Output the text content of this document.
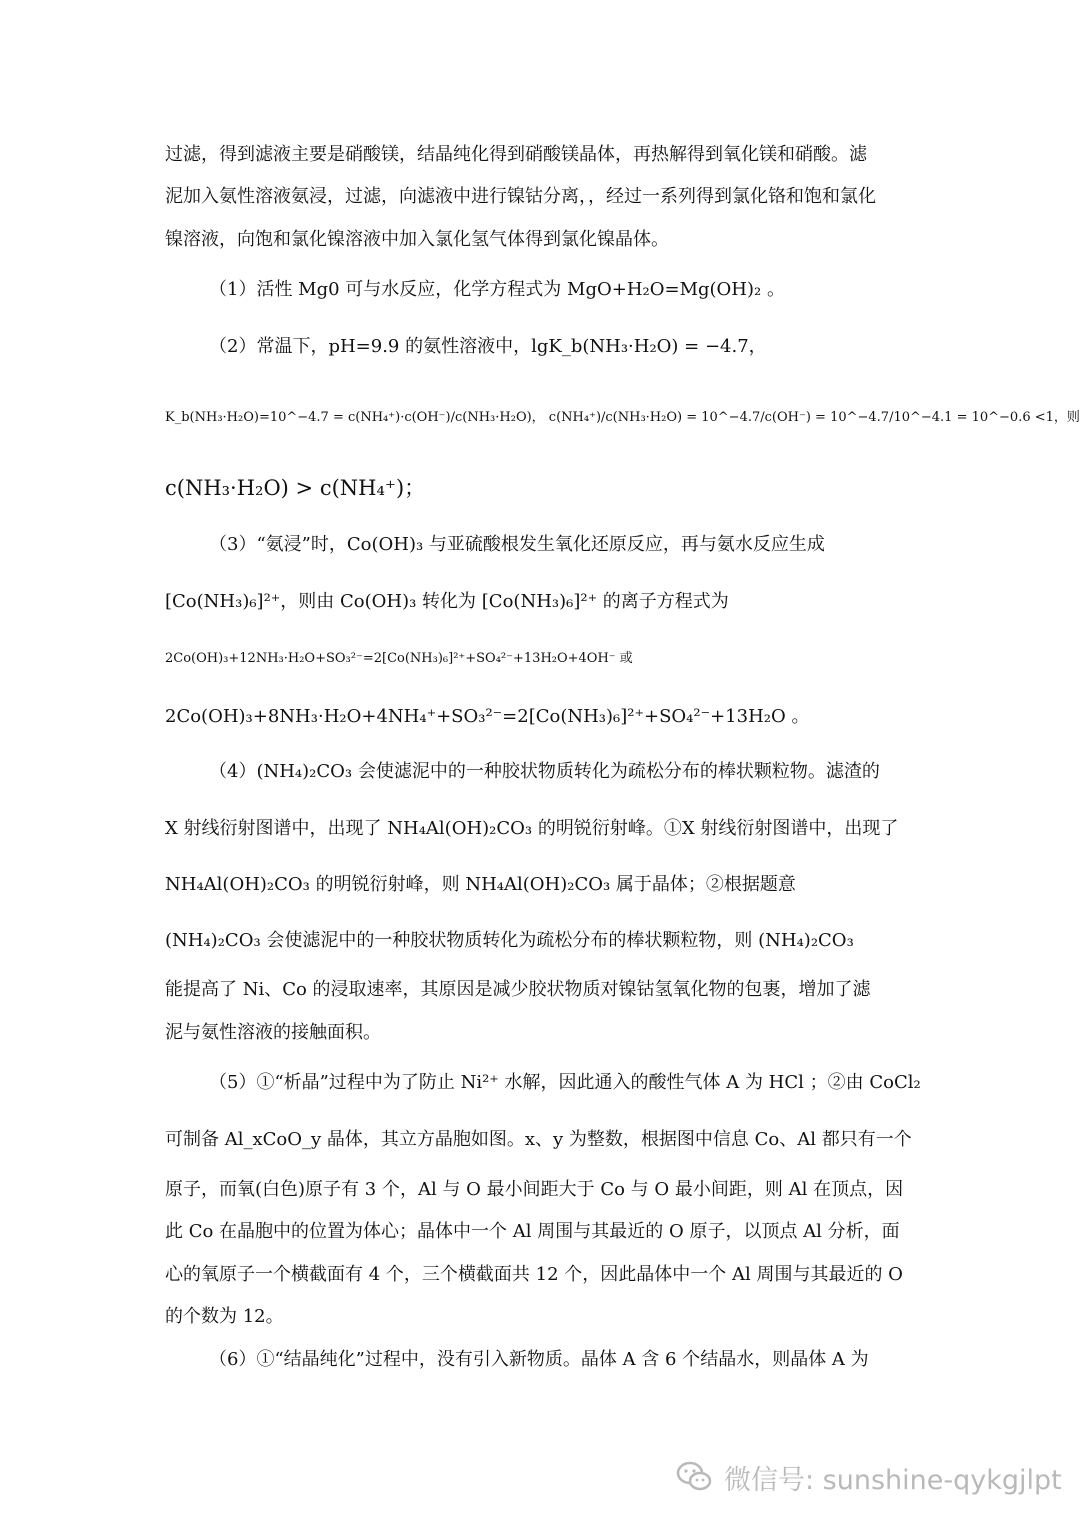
过滤，得到滤液主要是硝酸镁，结晶纯化得到硝酸镁晶体，再热解得到氧化镁和硝酸。滤
泥加入氨性溶液氨浸，过滤，向滤液中进行镍钴分离，，经过一系列得到氯化铬和饱和氯化
镍溶液，向饱和氯化镍溶液中加入氯化氢气体得到氯化镍晶体。
（1）活性 Mg0 可与水反应，化学方程式为 MgO+H₂O=Mg(OH)₂ 。
（2）常温下，pH=9.9 的氨性溶液中，lgK_b(NH₃·H₂O) = −4.7，
K_b(NH₃·H₂O)=10^−4.7 = c(NH₄⁺)·c(OH⁻)/c(NH₃·H₂O)， c(NH₄⁺)/c(NH₃·H₂O) = 10^−4.7/c(OH⁻) = 10^−4.7/10^−4.1 = 10^−0.6 <1，则
c(NH₃·H₂O) > c(NH₄⁺)；
（3）“氨浸”时，Co(OH)₃ 与亚硫酸根发生氧化还原反应，再与氨水反应生成
[Co(NH₃)₆]²⁺，则由 Co(OH)₃ 转化为 [Co(NH₃)₆]²⁺ 的离子方程式为
2Co(OH)₃+12NH₃·H₂O+SO₃²⁻=2[Co(NH₃)₆]²⁺+SO₄²⁻+13H₂O+4OH⁻ 或
2Co(OH)₃+8NH₃·H₂O+4NH₄⁺+SO₃²⁻=2[Co(NH₃)₆]²⁺+SO₄²⁻+13H₂O 。
（4）(NH₄)₂CO₃ 会使滤泥中的一种胶状物质转化为疏松分布的棒状颗粒物。滤渣的
X 射线衍射图谱中，出现了 NH₄Al(OH)₂CO₃ 的明锐衍射峰。①X 射线衍射图谱中，出现了
NH₄Al(OH)₂CO₃ 的明锐衍射峰，则 NH₄Al(OH)₂CO₃ 属于晶体；②根据题意
(NH₄)₂CO₃ 会使滤泥中的一种胶状物质转化为疏松分布的棒状颗粒物，则 (NH₄)₂CO₃
能提高了 Ni、Co 的浸取速率，其原因是减少胶状物质对镍钴氢氧化物的包裹，增加了滤
泥与氨性溶液的接触面积。
（5）①“析晶”过程中为了防止 Ni²⁺ 水解，因此通入的酸性气体 A 为 HCl ；②由 CoCl₂
可制备 Al_xCoO_y 晶体，其立方晶胞如图。x、y 为整数，根据图中信息 Co、Al 都只有一个
原子，而氧(白色)原子有 3 个，Al 与 O 最小间距大于 Co 与 O 最小间距，则 Al 在顶点，因
此 Co 在晶胞中的位置为体心；晶体中一个 Al 周围与其最近的 O 原子，以顶点 Al 分析，面
心的氧原子一个横截面有 4 个，三个横截面共 12 个，因此晶体中一个 Al 周围与其最近的 O
的个数为 12。
（6）①“结晶纯化”过程中，没有引入新物质。晶体 A 含 6 个结晶水，则晶体 A 为
微信号: sunshine-qykgjlpt
